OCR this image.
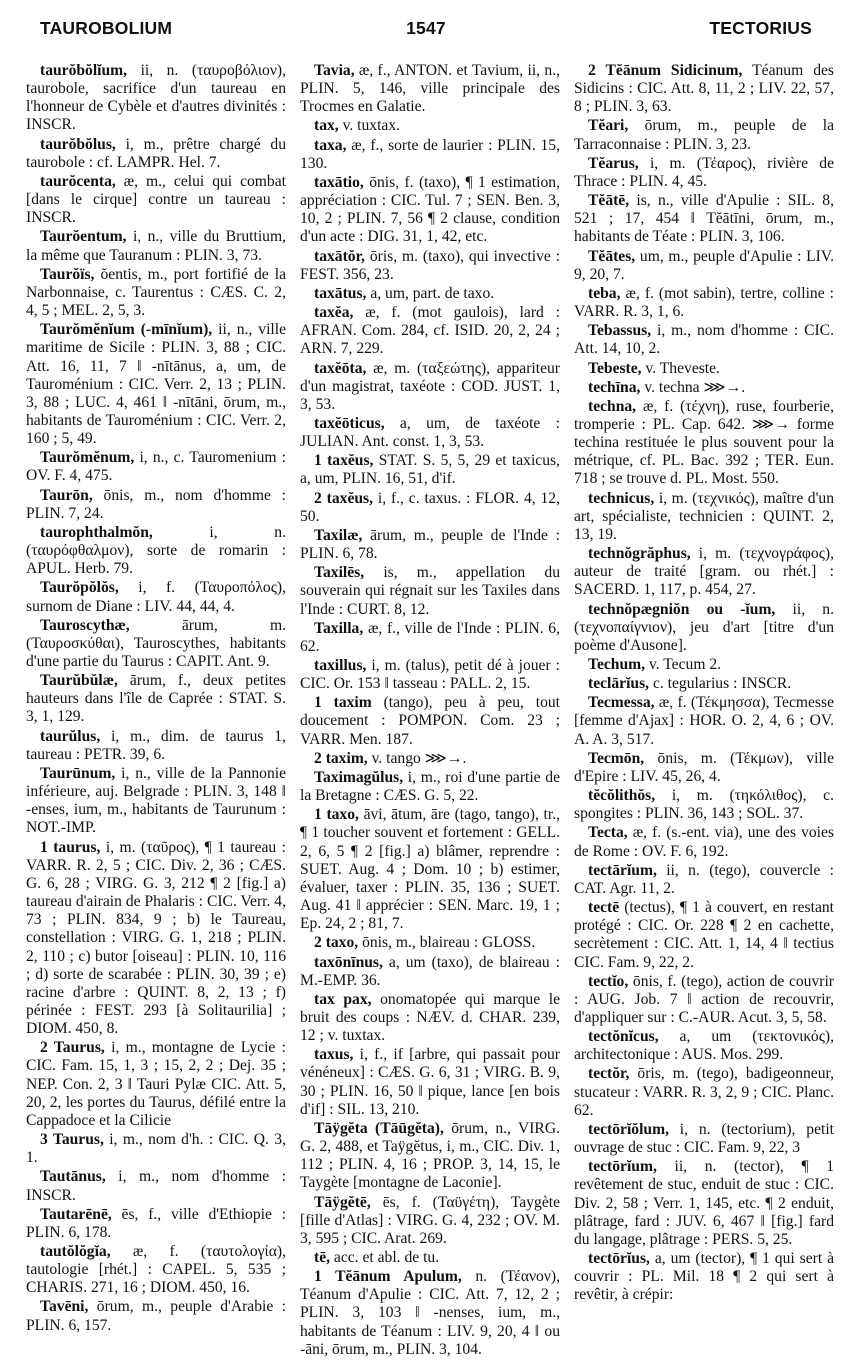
TAUROBOLIUM	1547	TECTORIUS

taurŏbŏlĭum, ii, n. (ταυροβόλιον), taurobole, sacrifice d'un taureau en l'honneur de Cybèle et d'autres divinités : INSCR.

taurŏbŏlus, i, m., prêtre chargé du taurobole : cf. LAMPR. Hel. 7.

taurŏcenta, æ, m., celui qui combat [dans le cirque] contre un taureau : INSCR.

Taurŏentum, i, n., ville du Bruttium, la même que Tauranum : PLIN. 3, 73.

Taurŏïs, ŏentis, m., port fortifié de la Narbonnaise, c. Taurentus : CÆS. C. 2, 4, 5 ; MEL. 2, 5, 3.

Taurŏmĕnĭum (-mīnĭum), ii, n., ville maritime de Sicile : PLIN. 3, 88 ; CIC. Att. 16, 11, 7 ‖ -nītānus, a, um, de Tauroménium : CIC. Verr. 2, 13 ; PLIN. 3, 88 ; LUC. 4, 461 ‖ -nītāni, ōrum, m., habitants de Tauroménium : CIC. Verr. 2, 160 ; 5, 49.

Taurŏmĕnum, i, n., c. Tauromenium : OV. F. 4, 475.

Taurōn, ōnis, m., nom d'homme : PLIN. 7, 24.

taurophthalmŏn, i, n. (ταυρόφθαλμον), sorte de romarin : APUL. Herb. 79.

Taurŏpŏlŏs, i, f. (Ταυροπόλος), surnom de Diane : LIV. 44, 44, 4.

Tauroscythæ, ārum, m. (Ταυροσκύθαι), Tauroscythes, habitants d'une partie du Taurus : CAPIT. Ant. 9.

Taurŭbŭlæ, ārum, f., deux petites hauteurs dans l'île de Caprée : STAT. S. 3, 1, 129.

taurŭlus, i, m., dim. de taurus 1, taureau : PETR. 39, 6.

Taurūnum, i, n., ville de la Pannonie inférieure, auj. Belgrade : PLIN. 3, 148 ‖ -enses, ium, m., habitants de Taurunum : NOT.-IMP.

1 taurus, i, m. (ταῦρος), ¶ 1 taureau : VARR. R. 2, 5 ; CIC. Div. 2, 36 ; CÆS. G. 6, 28 ; VIRG. G. 3, 212 ¶ 2 [fig.] a) taureau d'airain de Phalaris : CIC. Verr. 4, 73 ; PLIN. 834, 9 ; b) le Taureau, constellation : VIRG. G. 1, 218 ; PLIN. 2, 110 ; c) butor [oiseau] : PLIN. 10, 116 ; d) sorte de scarabée : PLIN. 30, 39 ; e) racine d'arbre : QUINT. 8, 2, 13 ; f) périnée : FEST. 293 [à Solitaurilia] ; DIOM. 450, 8.

2 Taurus, i, m., montagne de Lycie : CIC. Fam. 15, 1, 3 ; 15, 2, 2 ; Dej. 35 ; NEP. Con. 2, 3 ‖ Tauri Pylæ CIC. Att. 5, 20, 2, les portes du Taurus, défilé entre la Cappadoce et la Cilicie

3 Taurus, i, m., nom d'h. : CIC. Q. 3, 1.

Tautānus, i, m., nom d'homme : INSCR.

Tautarēnē, ēs, f., ville d'Ethiopie : PLIN. 6, 178.

tautŏlŏgĭa, æ, f. (ταυτολογία), tautologie [rhét.] : CAPEL. 5, 535 ; CHARIS. 271, 16 ; DIOM. 450, 16.

Tavēni, ōrum, m., peuple d'Arabie : PLIN. 6, 157.

Tavia, æ, f., ANTON. et Tavium, ii, n., PLIN. 5, 146, ville principale des Trocmes en Galatie.

tax, v. tuxtax.

taxa, æ, f., sorte de laurier : PLIN. 15, 130.

taxātio, ōnis, f. (taxo), ¶ 1 estimation, appréciation : CIC. Tul. 7 ; SEN. Ben. 3, 10, 2 ; PLIN. 7, 56 ¶ 2 clause, condition d'un acte : DIG. 31, 1, 42, etc.

taxātŏr, ōris, m. (taxo), qui invective : FEST. 356, 23.

taxātus, a, um, part. de taxo.

taxĕa, æ, f. (mot gaulois), lard : AFRAN. Com. 284, cf. ISID. 20, 2, 24 ; ARN. 7, 229.

taxĕōta, æ, m. (ταξεώτης), appariteur d'un magistrat, taxéote : COD. JUST. 1, 3, 53.

taxĕōticus, a, um, de taxéote : JULIAN. Ant. const. 1, 3, 53.

1 taxĕus, STAT. S. 5, 5, 29 et taxicus, a, um, PLIN. 16, 51, d'if.

2 taxĕus, i, f., c. taxus. : FLOR. 4, 12, 50.

Taxilæ, ārum, m., peuple de l'Inde : PLIN. 6, 78.

Taxilēs, is, m., appellation du souverain qui régnait sur les Taxiles dans l'Inde : CURT. 8, 12.

Taxilla, æ, f., ville de l'Inde : PLIN. 6, 62.

taxillus, i, m. (talus), petit dé à jouer : CIC. Or. 153 ‖ tasseau : PALL. 2, 15.

1 taxim (tango), peu à peu, tout doucement : POMPON. Com. 23 ; VARR. Men. 187.

2 taxim, v. tango ⋙→.

Taximagŭlus, i, m., roi d'une partie de la Bretagne : CÆS. G. 5, 22.

1 taxo, āvi, ātum, āre (tago, tango), tr., ¶ 1 toucher souvent et fortement : GELL. 2, 6, 5 ¶ 2 [fig.] a) blâmer, reprendre : SUET. Aug. 4 ; Dom. 10 ; b) estimer, évaluer, taxer : PLIN. 35, 136 ; SUET. Aug. 41 ‖ apprécier : SEN. Marc. 19, 1 ; Ep. 24, 2 ; 81, 7.

2 taxo, ōnis, m., blaireau : GLOSS.

taxōnīnus, a, um (taxo), de blaireau : M.-EMP. 36.

tax pax, onomatopée qui marque le bruit des coups : NÆV. d. CHAR. 239, 12 ; v. tuxtax.

taxus, i, f., if [arbre, qui passait pour vénéneux] : CÆS. G. 6, 31 ; VIRG. B. 9, 30 ; PLIN. 16, 50 ‖ pique, lance [en bois d'if] : SIL. 13, 210.

Tāÿgĕta (Tāūgĕta), ōrum, n., VIRG. G. 2, 488, et Taÿgĕtus, i, m., CIC. Div. 1, 112 ; PLIN. 4, 16 ; PROP. 3, 14, 15, le Taygète [montagne de Laconie].

Tāÿgĕtē, ēs, f. (Ταϋγέτη), Taygète [fille d'Atlas] : VIRG. G. 4, 232 ; OV. M. 3, 595 ; CIC. Arat. 269.

tē, acc. et abl. de tu.

1 Tĕānum Apulum, n. (Τέανον), Téanum d'Apulie : CIC. Att. 7, 12, 2 ; PLIN. 3, 103 ‖ -nenses, ium, m., habitants de Téanum : LIV. 9, 20, 4 ‖ ou -āni, ōrum, m., PLIN. 3, 104.

2 Tĕānum Sidicinum, Téanum des Sidicins : CIC. Att. 8, 11, 2 ; LIV. 22, 57, 8 ; PLIN. 3, 63.

Tĕari, ōrum, m., peuple de la Tarraconnaise : PLIN. 3, 23.

Tĕarus, i, m. (Τέαρος), rivière de Thrace : PLIN. 4, 45.

Tĕātē, is, n., ville d'Apulie : SIL. 8, 521 ; 17, 454 ‖ Tĕātīni, ōrum, m., habitants de Téate : PLIN. 3, 106.

Tĕātes, um, m., peuple d'Apulie : LIV. 9, 20, 7.

teba, æ, f. (mot sabin), tertre, colline : VARR. R. 3, 1, 6.

Tebassus, i, m., nom d'homme : CIC. Att. 14, 10, 2.

Tebeste, v. Theveste.

techīna, v. techna ⋙→.

techna, æ, f. (τέχνη), ruse, fourberie, tromperie : PL. Cap. 642. ⋙→ forme techina restituée le plus souvent pour la métrique, cf. PL. Bac. 392 ; TER. Eun. 718 ; se trouve d. PL. Most. 550.

technicus, i, m. (τεχνικός), maître d'un art, spécialiste, technicien : QUINT. 2, 13, 19.

technŏgrăphus, i, m. (τεχνογράφος), auteur de traité [gram. ou rhét.] : SACERD. 1, 117, p. 454, 27.

technŏpægniŏn ou -ĭum, ii, n. (τεχνοπαίγνιον), jeu d'art [titre d'un poème d'Ausone].

Techum, v. Tecum 2.

teclārĭus, c. tegularius : INSCR.

Tecmessa, æ, f. (Τέκμησσα), Tecmesse [femme d'Ajax] : HOR. O. 2, 4, 6 ; OV. A. A. 3, 517.

Tecmōn, ōnis, m. (Τέκμων), ville d'Epire : LIV. 45, 26, 4.

tĕcŏlithŏs, i, m. (τηκόλιθος), c. spongites : PLIN. 36, 143 ; SOL. 37.

Tecta, æ, f. (s.-ent. via), une des voies de Rome : OV. F. 6, 192.

tectārĭum, ii, n. (tego), couvercle : CAT. Agr. 11, 2.

tectē (tectus), ¶ 1 à couvert, en restant protégé : CIC. Or. 228 ¶ 2 en cachette, secrètement : CIC. Att. 1, 14, 4 ‖ tectius CIC. Fam. 9, 22, 2.

tectĭo, ōnis, f. (tego), action de couvrir : AUG. Job. 7 ‖ action de recouvrir, d'appliquer sur : C.-AUR. Acut. 3, 5, 58.

tectŏnĭcus, a, um (τεκτονικός), architectonique : AUS. Mos. 299.

tectŏr, ōris, m. (tego), badigeonneur, stucateur : VARR. R. 3, 2, 9 ; CIC. Planc. 62.

tectōrĭŏlum, i, n. (tectorium), petit ouvrage de stuc : CIC. Fam. 9, 22, 3

tectōrĭum, ii, n. (tector), ¶ 1 revêtement de stuc, enduit de stuc : CIC. Div. 2, 58 ; Verr. 1, 145, etc. ¶ 2 enduit, plâtrage, fard : JUV. 6, 467 ‖ [fig.] fard du langage, plâtrage : PERS. 5, 25.

tectōrĭus, a, um (tector), ¶ 1 qui sert à couvrir : PL. Mil. 18 ¶ 2 qui sert à revêtir, à crépir:
